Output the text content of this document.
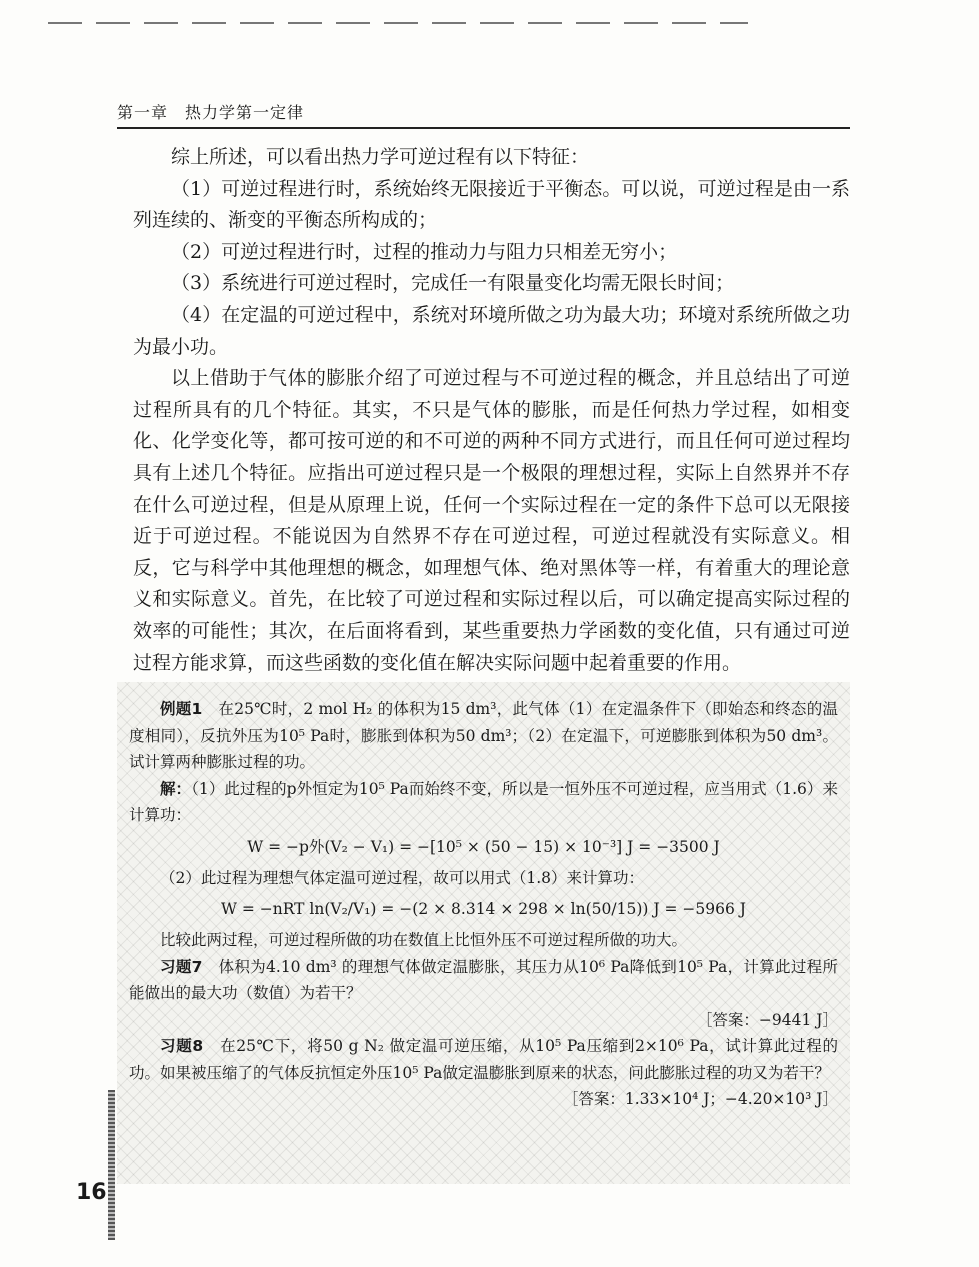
第一章　热力学第一定律

综上所述，可以看出热力学可逆过程有以下特征：

（1）可逆过程进行时，系统始终无限接近于平衡态。可以说，可逆过程是由一系列连续的、渐变的平衡态所构成的；

（2）可逆过程进行时，过程的推动力与阻力只相差无穷小；

（3）系统进行可逆过程时，完成任一有限量变化均需无限长时间；

（4）在定温的可逆过程中，系统对环境所做之功为最大功；环境对系统所做之功为最小功。

以上借助于气体的膨胀介绍了可逆过程与不可逆过程的概念，并且总结出了可逆过程所具有的几个特征。其实，不只是气体的膨胀，而是任何热力学过程，如相变化、化学变化等，都可按可逆的和不可逆的两种不同方式进行，而且任何可逆过程均具有上述几个特征。应指出可逆过程只是一个极限的理想过程，实际上自然界并不存在什么可逆过程，但是从原理上说，任何一个实际过程在一定的条件下总可以无限接近于可逆过程。不能说因为自然界不存在可逆过程，可逆过程就没有实际意义。相反，它与科学中其他理想的概念，如理想气体、绝对黑体等一样，有着重大的理论意义和实际意义。首先，在比较了可逆过程和实际过程以后，可以确定提高实际过程的效率的可能性；其次，在后面将看到，某些重要热力学函数的变化值，只有通过可逆过程方能求算，而这些函数的变化值在解决实际问题中起着重要的作用。

例题1　 在25℃时，2 mol H₂ 的体积为15 dm³，此气体（1）在定温条件下（即始态和终态的温度相同），反抗外压为10⁵ Pa时，膨胀到体积为50 dm³；（2）在定温下，可逆膨胀到体积为50 dm³。试计算两种膨胀过程的功。

解：（1）此过程的p外恒定为10⁵ Pa而始终不变，所以是一恒外压不可逆过程，应当用式（1.6）来计算功：

W = −p外(V₂ − V₁) = −[10⁵ × (50 − 15) × 10⁻³] J = −3500 J

（2）此过程为理想气体定温可逆过程，故可以用式（1.8）来计算功：

W = −nRT ln(V₂/V₁) = −(2 × 8.314 × 298 × ln(50/15)) J = −5966 J

比较此两过程，可逆过程所做的功在数值上比恒外压不可逆过程所做的功大。

习题7　 体积为4.10 dm³ 的理想气体做定温膨胀，其压力从10⁶ Pa降低到10⁵ Pa，计算此过程所能做出的最大功（数值）为若干？

［答案：−9441 J］

习题8　 在25℃下，将50 g N₂ 做定温可逆压缩，从10⁵ Pa压缩到2×10⁶ Pa，试计算此过程的功。如果被压缩了的气体反抗恒定外压10⁵ Pa做定温膨胀到原来的状态，问此膨胀过程的功又为若干？

［答案：1.33×10⁴ J；−4.20×10³ J］

16
